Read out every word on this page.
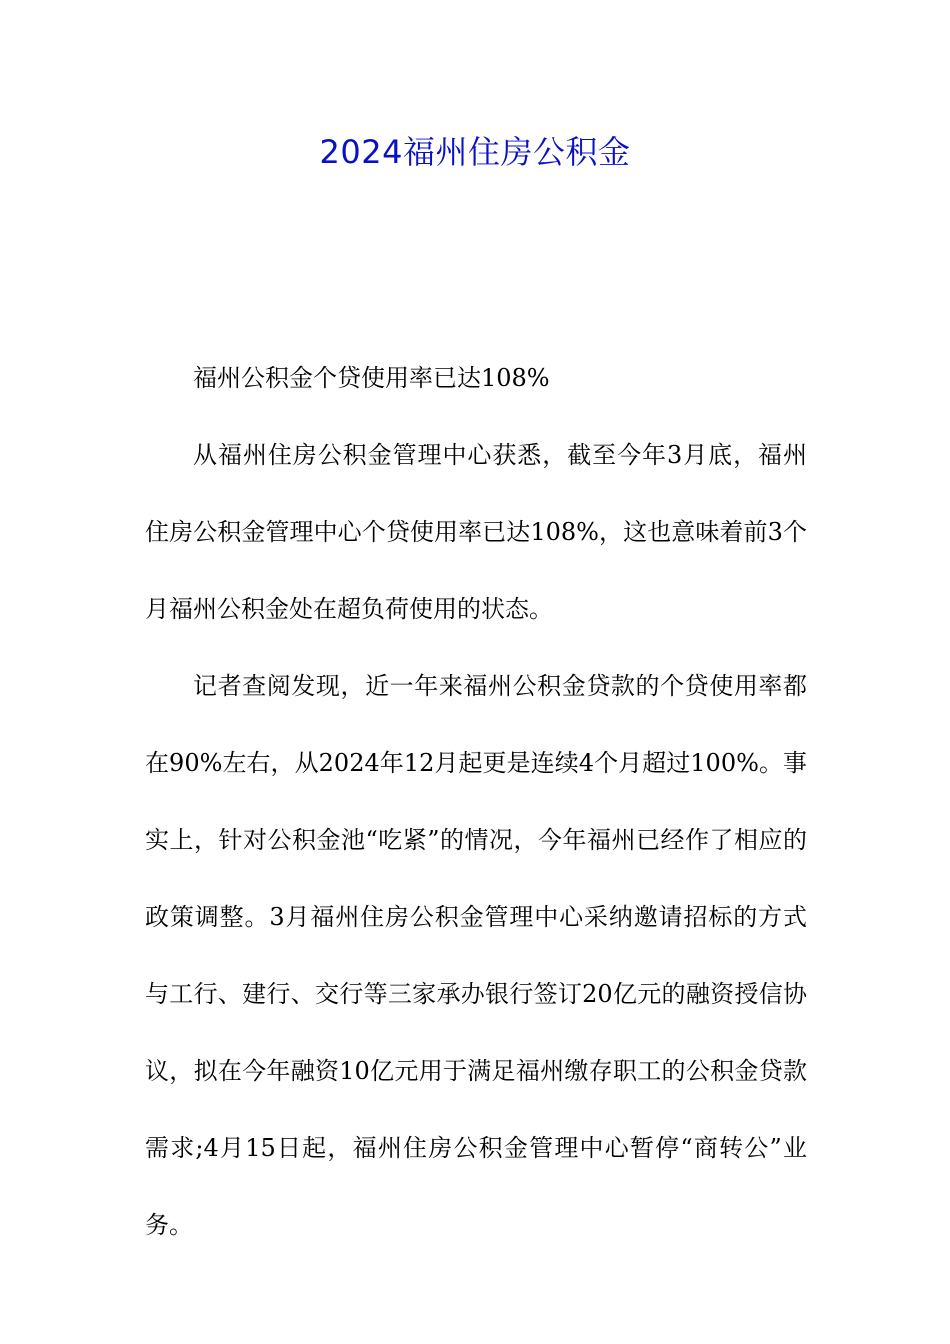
2024福州住房公积金

福州公积金个贷使用率已达108%

从福州住房公积金管理中心获悉，截至今年3月底，福州住房公积金管理中心个贷使用率已达108%，这也意味着前3个月福州公积金处在超负荷使用的状态。

记者查阅发现，近一年来福州公积金贷款的个贷使用率都在90%左右，从2024年12月起更是连续4个月超过100%。事实上，针对公积金池“吃紧”的情况，今年福州已经作了相应的政策调整。3月福州住房公积金管理中心采纳邀请招标的方式与工行、建行、交行等三家承办银行签订20亿元的融资授信协议，拟在今年融资10亿元用于满足福州缴存职工的公积金贷款需求;4月15日起，福州住房公积金管理中心暂停“商转公”业务。
